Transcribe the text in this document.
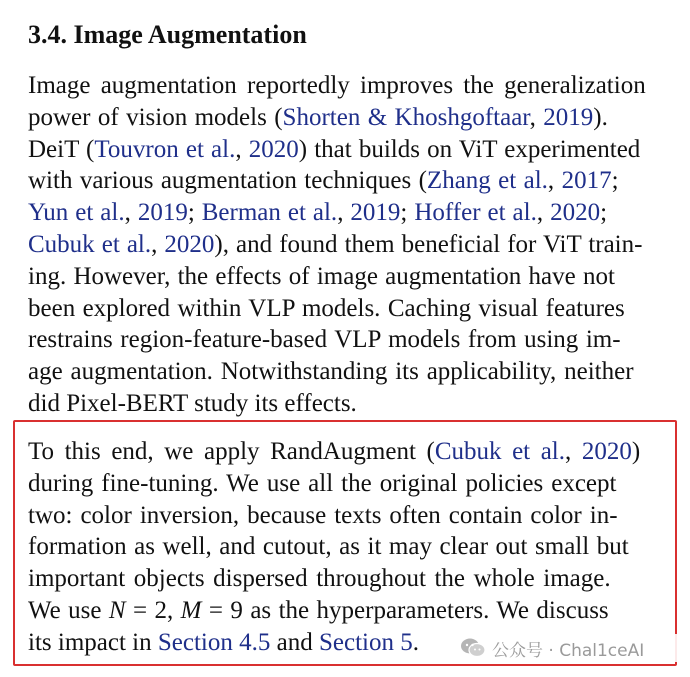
3.4. Image Augmentation
Image augmentation reportedly improves the generalization
power of vision models (Shorten & Khoshgoftaar, 2019).
DeiT (Touvron et al., 2020) that builds on ViT experimented
with various augmentation techniques (Zhang et al., 2017;
Yun et al., 2019; Berman et al., 2019; Hoffer et al., 2020;
Cubuk et al., 2020), and found them beneficial for ViT train-
ing. However, the effects of image augmentation have not
been explored within VLP models. Caching visual features
restrains region-feature-based VLP models from using im-
age augmentation. Notwithstanding its applicability, neither
did Pixel-BERT study its effects.
To this end, we apply RandAugment (Cubuk et al., 2020)
during fine-tuning. We use all the original policies except
two: color inversion, because texts often contain color in-
formation as well, and cutout, as it may clear out small but
important objects dispersed throughout the whole image.
We use N = 2, M = 9 as the hyperparameters. We discuss
its impact in Section 4.5 and Section 5.	公众号 · Chal1ceAI
